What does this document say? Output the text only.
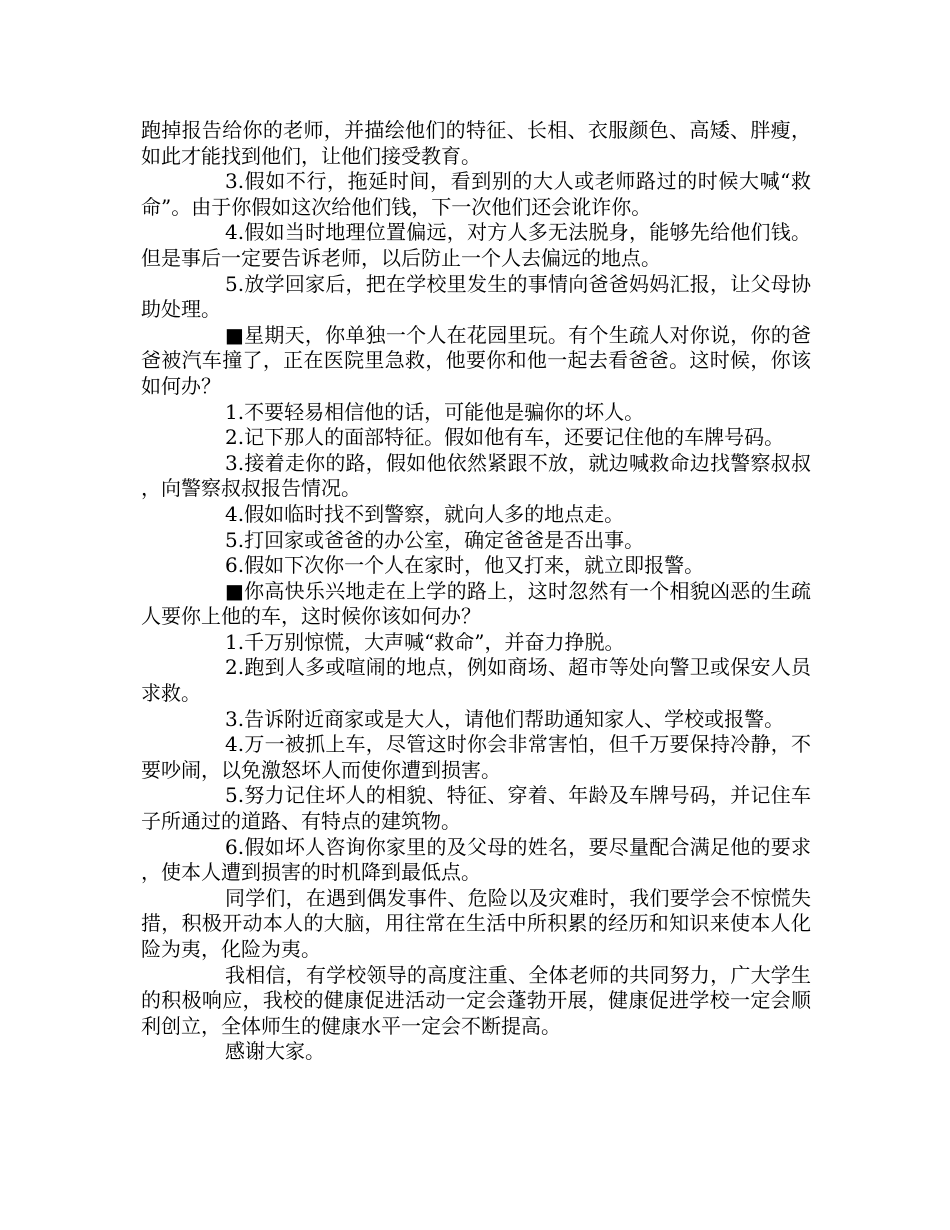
跑掉报告给你的老师，并描绘他们的特征、长相、衣服颜色、高矮、胖瘦，如此才能找到他们，让他们接受教育。

3.假如不行，拖延时间，看到别的大人或老师路过的时候大喊“救命”。由于你假如这次给他们钱，下一次他们还会讹诈你。

4.假如当时地理位置偏远，对方人多无法脱身，能够先给他们钱。但是事后一定要告诉老师，以后防止一个人去偏远的地点。

5.放学回家后，把在学校里发生的事情向爸爸妈妈汇报，让父母协助处理。

■星期天，你单独一个人在花园里玩。有个生疏人对你说，你的爸爸被汽车撞了，正在医院里急救，他要你和他一起去看爸爸。这时候，你该如何办？

1.不要轻易相信他的话，可能他是骗你的坏人。

2.记下那人的面部特征。假如他有车，还要记住他的车牌号码。

3.接着走你的路，假如他依然紧跟不放，就边喊救命边找警察叔叔，向警察叔叔报告情况。

4.假如临时找不到警察，就向人多的地点走。

5.打回家或爸爸的办公室，确定爸爸是否出事。

6.假如下次你一个人在家时，他又打来，就立即报警。

■你高快乐兴地走在上学的路上，这时忽然有一个相貌凶恶的生疏人要你上他的车，这时候你该如何办？

1.千万别惊慌，大声喊“救命”，并奋力挣脱。

2.跑到人多或喧闹的地点，例如商场、超市等处向警卫或保安人员求救。

3.告诉附近商家或是大人，请他们帮助通知家人、学校或报警。

4.万一被抓上车，尽管这时你会非常害怕，但千万要保持冷静，不要吵闹，以免激怒坏人而使你遭到损害。

5.努力记住坏人的相貌、特征、穿着、年龄及车牌号码，并记住车子所通过的道路、有特点的建筑物。

6.假如坏人咨询你家里的及父母的姓名，要尽量配合满足他的要求，使本人遭到损害的时机降到最低点。

同学们，在遇到偶发事件、危险以及灾难时，我们要学会不惊慌失措，积极开动本人的大脑，用往常在生活中所积累的经历和知识来使本人化险为夷，化险为夷。

我相信，有学校领导的高度注重、全体老师的共同努力，广大学生的积极响应，我校的健康促进活动一定会蓬勃开展，健康促进学校一定会顺利创立，全体师生的健康水平一定会不断提高。

感谢大家。
